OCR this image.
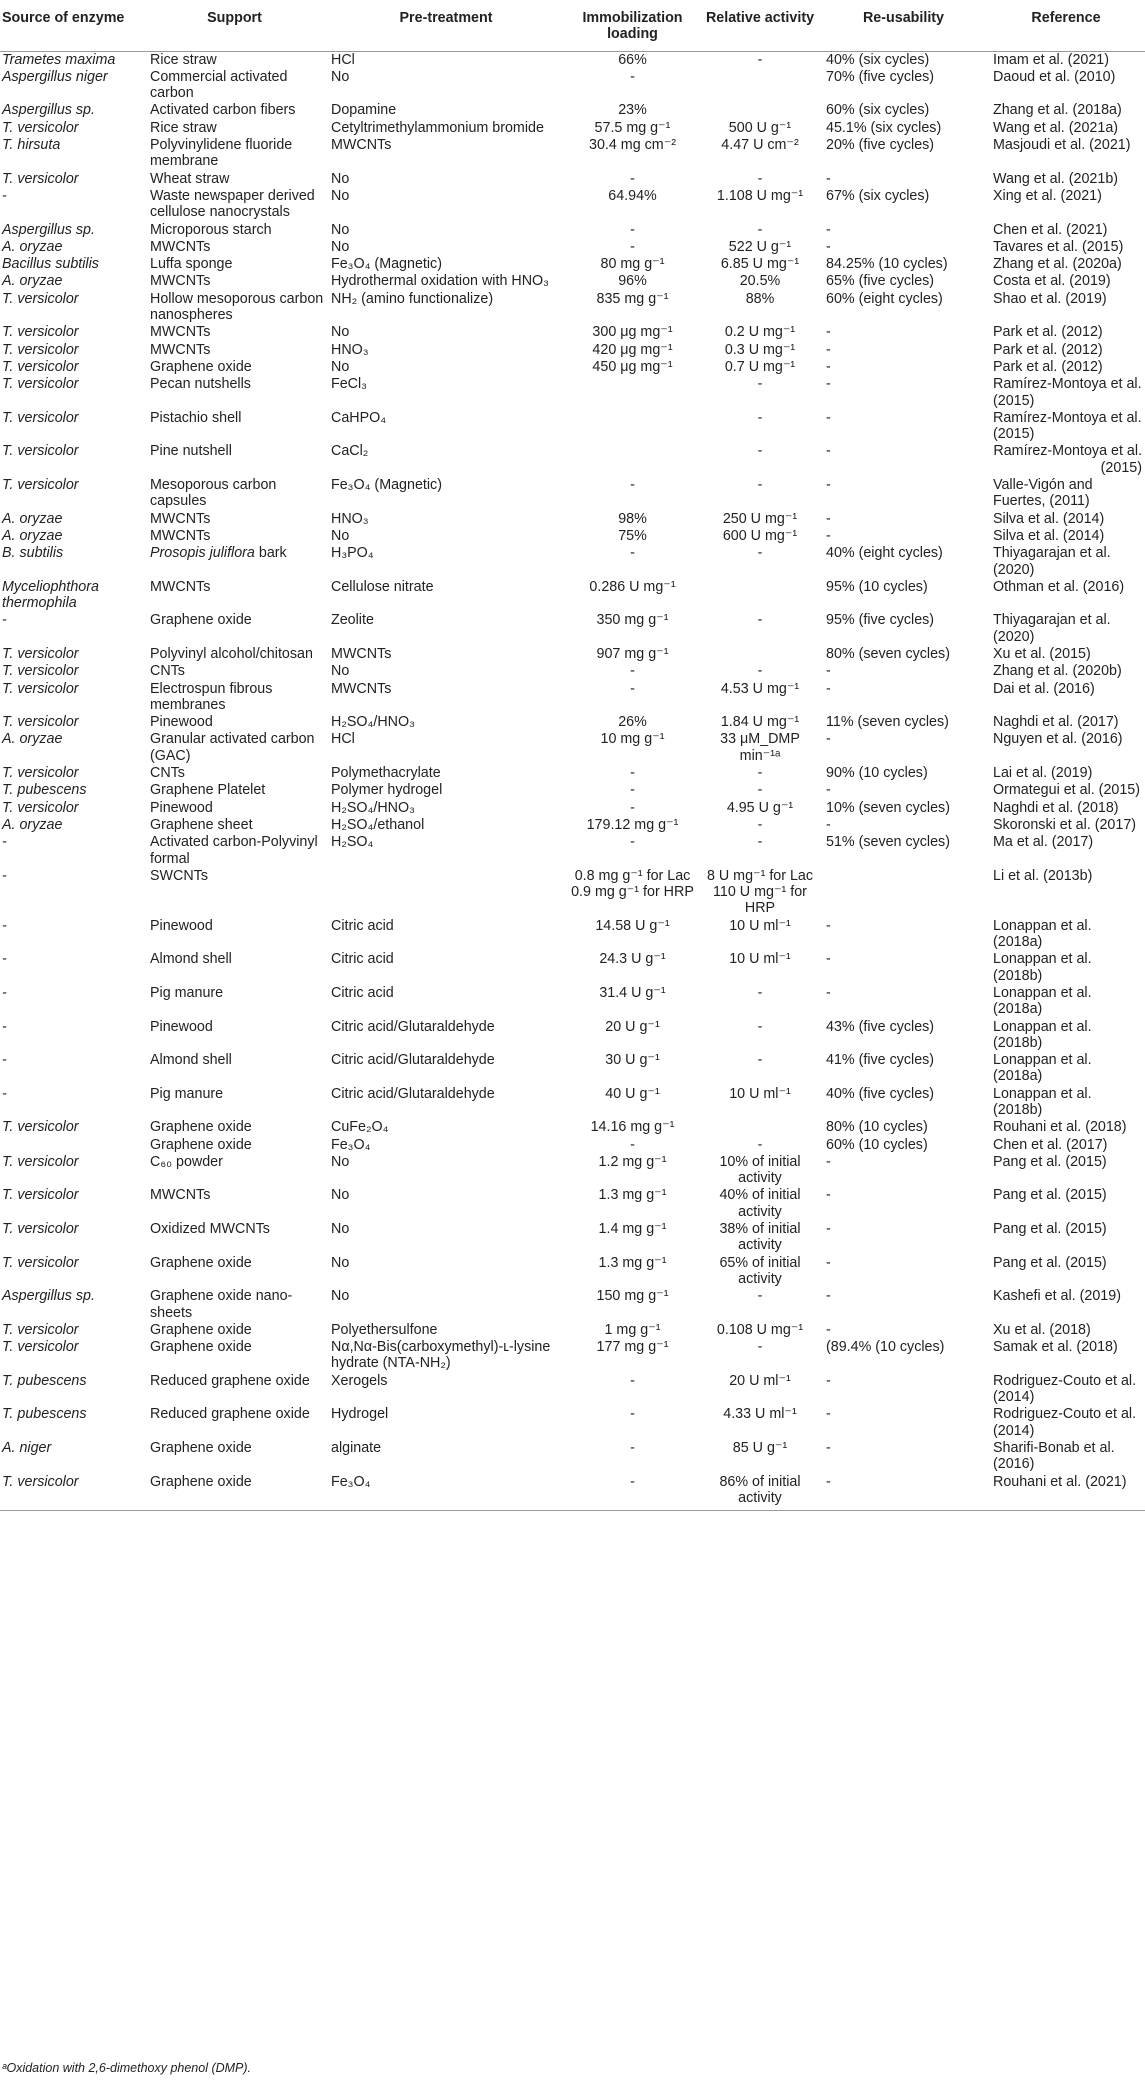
Source of enzyme	Support	Pre-treatment	Immobilization loading	Relative activity	Re-usability	Reference
Trametes maxima	Rice straw	HCl	66%	-	40% (six cycles)	Imam et al. (2021)
Aspergillus niger	Commercial activated carbon	No	-		70% (five cycles)	Daoud et al. (2010)
Aspergillus sp.	Activated carbon fibers	Dopamine	23%		60% (six cycles)	Zhang et al. (2018a)
T. versicolor	Rice straw	Cetyltrimethylammonium bromide	57.5 mg g⁻¹	500 U g⁻¹	45.1% (six cycles)	Wang et al. (2021a)
T. hirsuta	Polyvinylidene fluoride membrane	MWCNTs	30.4 mg cm⁻²	4.47 U cm⁻²	20% (five cycles)	Masjoudi et al. (2021)
T. versicolor	Wheat straw	No	-	-	-	Wang et al. (2021b)
-	Waste newspaper derived cellulose nanocrystals	No	64.94%	1.108 U mg⁻¹	67% (six cycles)	Xing et al. (2021)
Aspergillus sp.	Microporous starch	No	-	-	-	Chen et al. (2021)
A. oryzae	MWCNTs	No	-	522 U g⁻¹	-	Tavares et al. (2015)
Bacillus subtilis	Luffa sponge	Fe₃O₄ (Magnetic)	80 mg g⁻¹	6.85 U mg⁻¹	84.25% (10 cycles)	Zhang et al. (2020a)
A. oryzae	MWCNTs	Hydrothermal oxidation with HNO₃	96%	20.5%	65% (five cycles)	Costa et al. (2019)
T. versicolor	Hollow mesoporous carbon nanospheres	NH₂ (amino functionalize)	835 mg g⁻¹	88%	60% (eight cycles)	Shao et al. (2019)
T. versicolor	MWCNTs	No	300 μg mg⁻¹	0.2 U mg⁻¹	-	Park et al. (2012)
T. versicolor	MWCNTs	HNO₃	420 μg mg⁻¹	0.3 U mg⁻¹	-	Park et al. (2012)
T. versicolor	Graphene oxide	No	450 μg mg⁻¹	0.7 U mg⁻¹	-	Park et al. (2012)
T. versicolor	Pecan nutshells	FeCl₃		-	-	Ramírez-Montoya et al. (2015)
T. versicolor	Pistachio shell	CaHPO₄		-	-	Ramírez-Montoya et al. (2015)
T. versicolor	Pine nutshell	CaCl₂		-	-	Ramírez-Montoya et al. (2015)
T. versicolor	Mesoporous carbon capsules	Fe₃O₄ (Magnetic)	-	-	-	Valle-Vigón and Fuertes, (2011)
A. oryzae	MWCNTs	HNO₃	98%	250 U mg⁻¹	-	Silva et al. (2014)
A. oryzae	MWCNTs	No	75%	600 U mg⁻¹	-	Silva et al. (2014)
B. subtilis	Prosopis juliflora bark	H₃PO₄	-	-	40% (eight cycles)	Thiyagarajan et al. (2020)
Myceliophthora thermophila	MWCNTs	Cellulose nitrate	0.286 U mg⁻¹		95% (10 cycles)	Othman et al. (2016)
-	Graphene oxide	Zeolite	350 mg g⁻¹	-	95% (five cycles)	Thiyagarajan et al. (2020)
T. versicolor	Polyvinyl alcohol/chitosan	MWCNTs	907 mg g⁻¹		80% (seven cycles)	Xu et al. (2015)
T. versicolor	CNTs	No	-	-	-	Zhang et al. (2020b)
T. versicolor	Electrospun fibrous membranes	MWCNTs	-	4.53 U mg⁻¹	-	Dai et al. (2016)
T. versicolor	Pinewood	H₂SO₄/HNO₃	26%	1.84 U mg⁻¹	11% (seven cycles)	Naghdi et al. (2017)
A. oryzae	Granular activated carbon (GAC)	HCl	10 mg g⁻¹	33 μM_DMP min⁻¹ᵃ	-	Nguyen et al. (2016)
T. versicolor	CNTs	Polymethacrylate	-	-	90% (10 cycles)	Lai et al. (2019)
T. pubescens	Graphene Platelet	Polymer hydrogel	-	-	-	Ormategui et al. (2015)
T. versicolor	Pinewood	H₂SO₄/HNO₃	-	4.95 U g⁻¹	10% (seven cycles)	Naghdi et al. (2018)
A. oryzae	Graphene sheet	H₂SO₄/ethanol	179.12 mg g⁻¹	-	-	Skoronski et al. (2017)
-	Activated carbon-Polyvinyl formal	H₂SO₄	-	-	51% (seven cycles)	Ma et al. (2017)
-	SWCNTs		0.8 mg g⁻¹ for Lac 0.9 mg g⁻¹ for HRP	8 U mg⁻¹ for Lac 110 U mg⁻¹ for HRP		Li et al. (2013b)
-	Pinewood	Citric acid	14.58 U g⁻¹	10 U ml⁻¹	-	Lonappan et al. (2018a)
-	Almond shell	Citric acid	24.3 U g⁻¹	10 U ml⁻¹	-	Lonappan et al. (2018b)
-	Pig manure	Citric acid	31.4 U g⁻¹	-	-	Lonappan et al. (2018a)
-	Pinewood	Citric acid/Glutaraldehyde	20 U g⁻¹	-	43% (five cycles)	Lonappan et al. (2018b)
-	Almond shell	Citric acid/Glutaraldehyde	30 U g⁻¹	-	41% (five cycles)	Lonappan et al. (2018a)
-	Pig manure	Citric acid/Glutaraldehyde	40 U g⁻¹	10 U ml⁻¹	40% (five cycles)	Lonappan et al. (2018b)
T. versicolor	Graphene oxide	CuFe₂O₄	14.16 mg g⁻¹		80% (10 cycles)	Rouhani et al. (2018)
	Graphene oxide	Fe₃O₄	-	-	60% (10 cycles)	Chen et al. (2017)
T. versicolor	C₆₀ powder	No	1.2 mg g⁻¹	10% of initial activity	-	Pang et al. (2015)
T. versicolor	MWCNTs	No	1.3 mg g⁻¹	40% of initial activity	-	Pang et al. (2015)
T. versicolor	Oxidized MWCNTs	No	1.4 mg g⁻¹	38% of initial activity	-	Pang et al. (2015)
T. versicolor	Graphene oxide	No	1.3 mg g⁻¹	65% of initial activity	-	Pang et al. (2015)
Aspergillus sp.	Graphene oxide nano-sheets	No	150 mg g⁻¹	-	-	Kashefi et al. (2019)
T. versicolor	Graphene oxide	Polyethersulfone	1 mg g⁻¹	0.108 U mg⁻¹	-	Xu et al. (2018)
T. versicolor	Graphene oxide	Nα,Nα-Bis(carboxymethyl)-ʟ-lysine hydrate (NTA-NH₂)	177 mg g⁻¹	-	(89.4% (10 cycles)	Samak et al. (2018)
T. pubescens	Reduced graphene oxide	Xerogels	-	20 U ml⁻¹	-	Rodriguez-Couto et al. (2014)
T. pubescens	Reduced graphene oxide	Hydrogel	-	4.33 U ml⁻¹	-	Rodriguez-Couto et al. (2014)
A. niger	Graphene oxide	alginate	-	85 U g⁻¹	-	Sharifi-Bonab et al. (2016)
T. versicolor	Graphene oxide	Fe₃O₄	-	86% of initial activity	-	Rouhani et al. (2021)
ᵃOxidation with 2,6-dimethoxy phenol (DMP).
